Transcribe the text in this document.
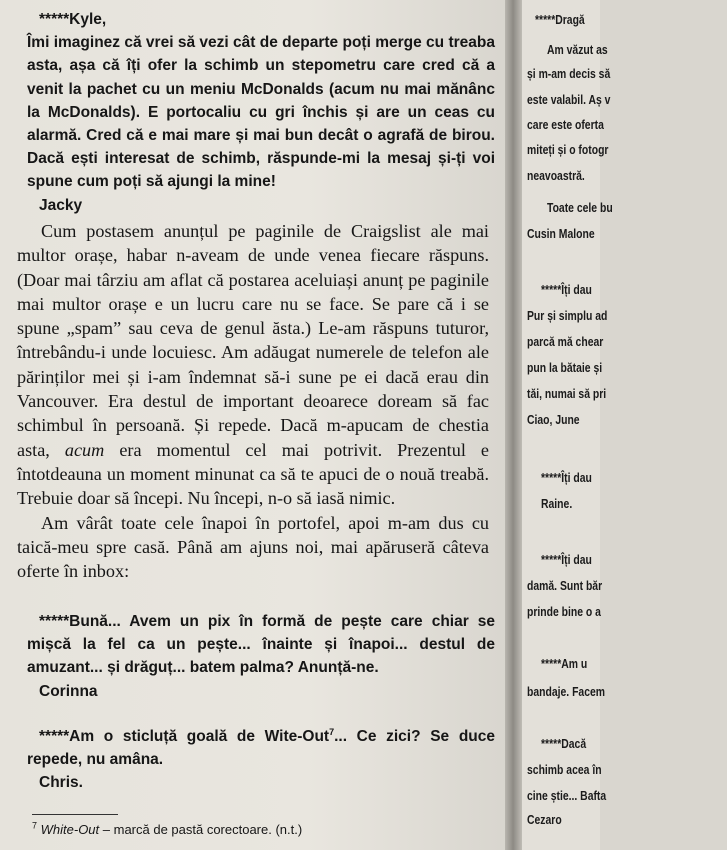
*****Kyle,

Îmi imaginez că vrei să vezi cât de departe poți merge cu treaba asta, așa că îți ofer la schimb un stepometru care cred că a venit la pachet cu un meniu McDonalds (acum nu mai mănânc la McDonalds). E portocaliu cu gri închis și are un ceas cu alarmă. Cred că e mai mare și mai bun decât o agrafă de birou. Dacă ești interesat de schimb, răspunde-mi la mesaj și-ți voi spune cum poți să ajungi la mine!

Jacky

Cum postasem anunțul pe paginile de Craigslist ale mai multor orașe, habar n-aveam de unde venea fiecare răspuns. (Doar mai târziu am aflat că postarea aceluiași anunț pe paginile mai multor orașe e un lucru care nu se face. Se pare că i se spune „spam” sau ceva de genul ăsta.) Le-am răspuns tuturor, întrebându-i unde locuiesc. Am adăugat numerele de telefon ale părinților mei și i-am îndemnat să-i sune pe ei dacă erau din Vancouver. Era destul de important deoarece doream să fac schimbul în persoană. Și repede. Dacă m-apucam de chestia asta, acum era momentul cel mai potrivit. Prezentul e întotdeauna un moment minunat ca să te apuci de o nouă treabă. Trebuie doar să începi. Nu începi, n-o să iasă nimic.

Am vârât toate cele înapoi în portofel, apoi m-am dus cu taică-meu spre casă. Până am ajuns noi, mai apăruseră câteva oferte în inbox:

*****Bună... Avem un pix în formă de pește care chiar se mișcă la fel ca un pește... înainte și înapoi... destul de amuzant... și drăguț... batem palma? Anunță-ne.

Corinna

*****Am o sticluță goală de Wite-Out$^7$... Ce zici? Se duce repede, nu amâna.

Chris.

$^7$ White-Out – marcă de pastă corectoare. (n.t.)
*****Dragă
Am văzut as
și m-am decis să
este valabil. Aș v
care este oferta
miteți și o fotogr
neavoastră.
Toate cele bu
Cusin Malone
*****Îți dau
Pur și simplu ad
parcă mă chear
pun la bătaie și
tăi, numai să pri
Ciao, June
*****Îți dau
Raine.
*****Îți dau
damă. Sunt băr
prinde bine o a
*****Am u
bandaje. Facem
*****Dacă
schimb acea în
cine știe... Bafta
Cezaro
